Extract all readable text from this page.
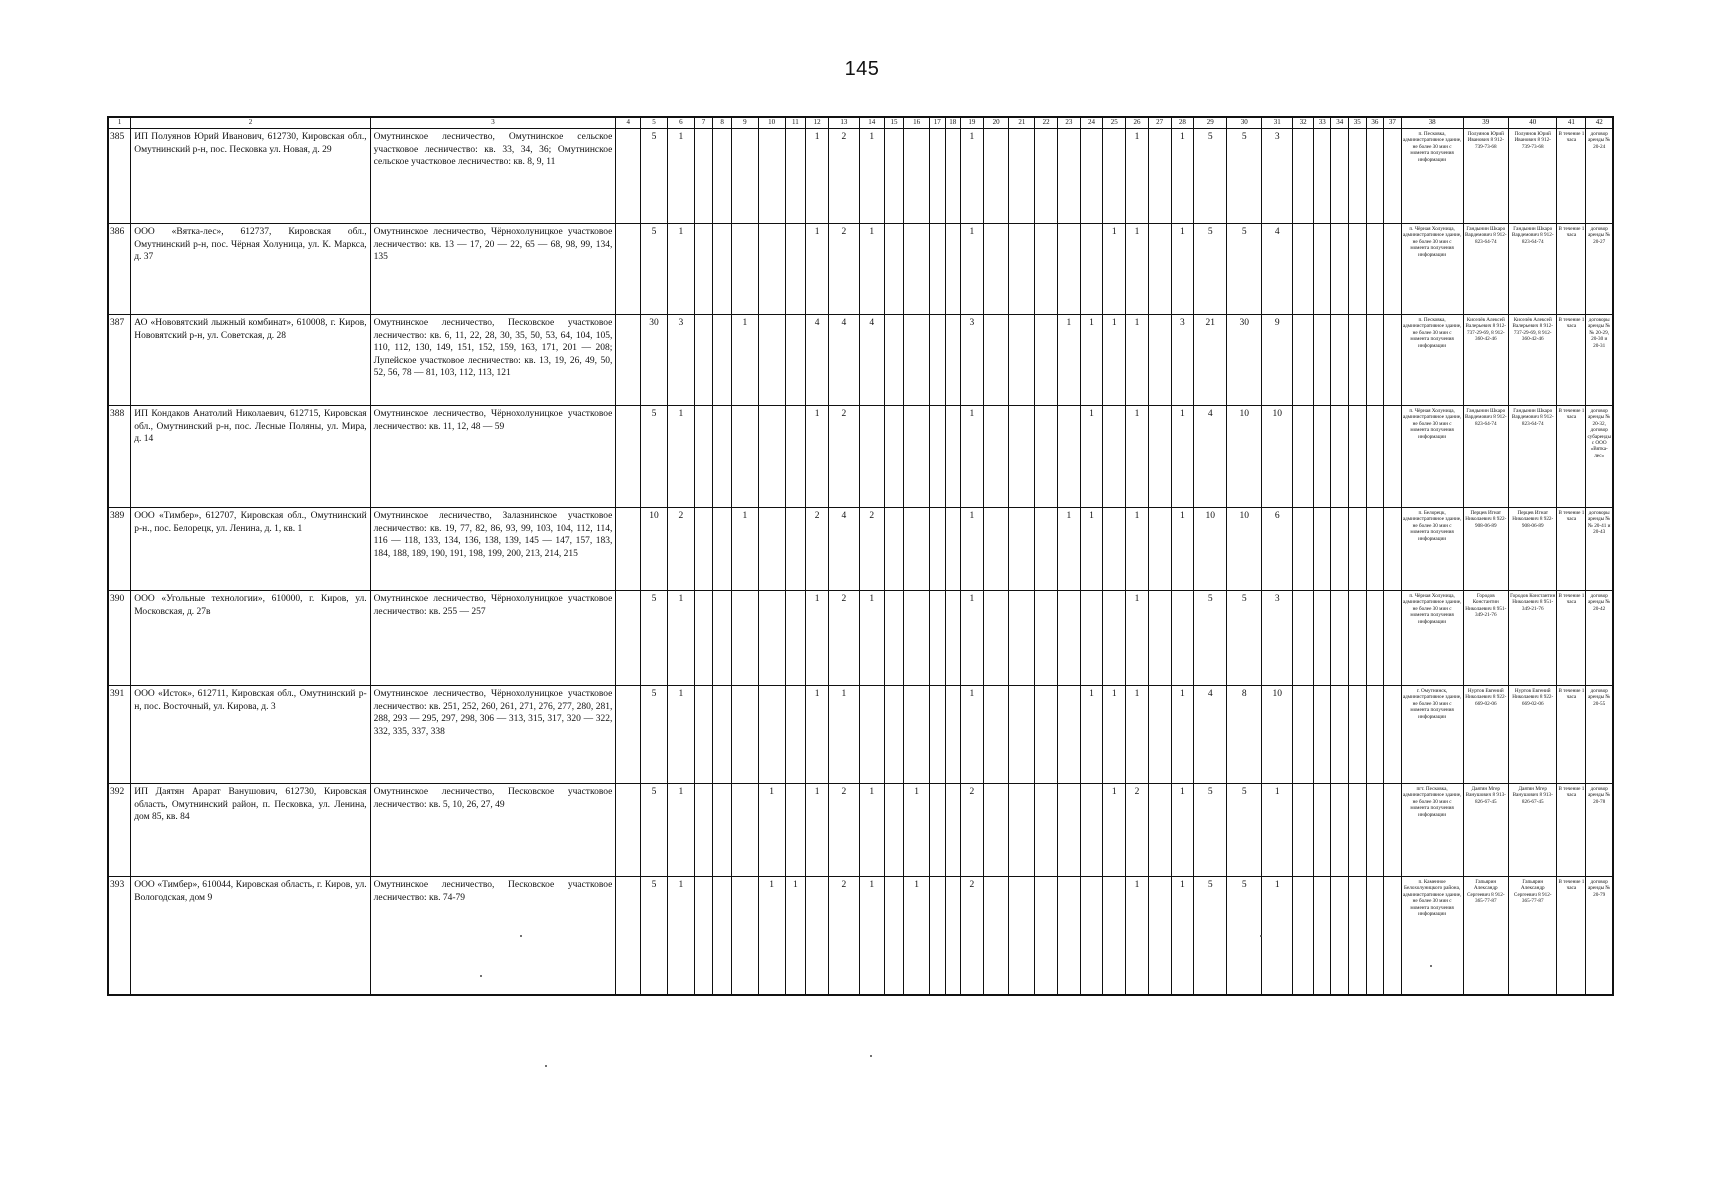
145
1	2	3	4	5	6	7	8	9	10	11	12	13	14	15	16	17	18	19	20	21	22	23	24	25	26	27	28	29	30	31	32	33	34	35	36	37	38	39	40	41	42
385	ИП Полуянов Юрий Иванович, 612730, Кировская обл., Омутнинский р-н, пос. Песковка ул. Новая, д. 29	Омутнинское лесничество, Омутнинское сельское участковое лесничество: кв. 33, 34, 36; Омутнинское сельское участковое лесничество: кв. 8, 9, 11		5	1						1	2	1					1							1		1	5	5	3							п. Песковка, административное здание, не более 30 мин с момента получения информации	Полуянов Юрий Иванович 8 912-739-73-68	Полуянов Юрий Иванович 8 912-739-73-68	В течение 1 часа	договор аренды № 20-24
386	ООО «Вятка-лес», 612737, Кировская обл., Омутнинский р-н, пос. Чёрная Холуница, ул. К. Маркса, д. 37	Омутнинское лесничество, Чёрнохолуницкое участковое лесничество: кв. 13 — 17, 20 — 22, 65 — 68, 98, 99, 134, 135		5	1						1	2	1					1						1	1		1	5	5	4							п. Чёрная Холуница, административное здание, не более 30 мин с момента получения информации	Гандынин Шкаро Вардемович 8 912-823-64-74	Гандынин Шкаро Вардемович 8 912-823-64-74	В течение 1 часа	договор аренды № 20-27
387	АО «Нововятский лыжный комбинат», 610008, г. Киров, Нововятский р-н, ул. Советская, д. 28	Омутнинское лесничество, Песковское участковое лесничество: кв. 6, 11, 22, 28, 30, 35, 50, 53, 64, 104, 105, 110, 112, 130, 149, 151, 152, 159, 163, 171, 201 — 208; Лупейское участковое лесничество: кв. 13, 19, 26, 49, 50, 52, 56, 78 — 81, 103, 112, 113, 121		30	3			1			4	4	4					3				1	1	1	1		3	21	30	9							п. Песковка, административное здание, не более 30 мин с момента получения информации	Киселёв Алексей Валерьевич 8 912-737-29-69, 8 912-360-42-46	Киселёв Алексей Валерьевич 8 912-737-29-69, 8 912-360-42-46	В течение 1 часа	договоры аренды №№ 20-29, 20-30 и 20-31
388	ИП Кондаков Анатолий Николаевич, 612715, Кировская обл., Омутнинский р-н, пос. Лесные Поляны, ул. Мира, д. 14	Омутнинское лесничество, Чёрнохолуницкое участковое лесничество: кв. 11, 12, 48 — 59		5	1						1	2						1					1		1		1	4	10	10							п. Чёрная Холуница, административное здание, не более 30 мин с момента получения информации	Гандынин Шкаро Вардемович 8 912-823-64-74	Гандынин Шкаро Вардемович 8 912-823-64-74	В течение 1 часа	договор аренды № 20-32, договор субаренды с ООО «Вятка-лес»
389	ООО «Тимбер», 612707, Кировская обл., Омутнинский р-н., пос. Белорецк, ул. Ленина, д. 1, кв. 1	Омутнинское лесничество, Залазнинское участковое лесничество: кв. 19, 77, 82, 86, 93, 99, 103, 104, 112, 114, 116 — 118, 133, 134, 136, 138, 139, 145 — 147, 157, 183, 184, 188, 189, 190, 191, 198, 199, 200, 213, 214, 215		10	2			1			2	4	2					1				1	1		1		1	10	10	6							п. Белорецк, административное здание, не более 30 мин с момента получения информации	Перцев Игнат Николаевич 8 922-908-06-89	Перцев Игнат Николаевич 8 922-908-06-89	В течение 1 часа	договоры аренды №№ 20-41 и 20-43
390	ООО «Угольные технологии», 610000, г. Киров, ул. Московская, д. 27в	Омутнинское лесничество, Чёрнохолуницкое участковое лесничество: кв. 255 — 257		5	1						1	2	1					1							1			5	5	3							п. Чёрная Холуница, административное здание, не более 30 мин с момента получения информации	Городов Константин Николаевич 8 951-349-21-76	Городов Константин Николаевич 8 951-349-21-76	В течение 1 часа	договор аренды № 20-42
391	ООО «Исток», 612711, Кировская обл., Омутнинский р-н, пос. Восточный, ул. Кирова, д. 3	Омутнинское лесничество, Чёрнохолуницкое участковое лесничество: кв. 251, 252, 260, 261, 271, 276, 277, 280, 281, 288, 293 — 295, 297, 298, 306 — 313, 315, 317, 320 — 322, 332, 335, 337, 338		5	1						1	1						1					1	1	1		1	4	8	10							г. Омутнинск, административное здание, не более 30 мин с момента получения информации	Нуртов Евгений Николаевич 8 922-669-02-06	Нуртов Евгений Николаевич 8 922-669-02-06	В течение 1 часа	договор аренды № 20-55
392	ИП Даятян Арарат Ванушович, 612730, Кировская область, Омутнинский район, п. Песковка, ул. Ленина, дом 85, кв. 84	Омутнинское лесничество, Песковское участковое лесничество: кв. 5, 10, 26, 27, 49		5	1				1		1	2	1		1			2						1	2		1	5	5	1							пгт. Песковка, административное здание, не более 30 мин с момента получения информации	Даятян Мгер Ванушович 8 913-826-67-45	Даятян Мгер Ванушович 8 913-826-67-45	В течение 1 часа	договор аренды № 20-78
393	ООО «Тимбер», 610044, Кировская область, г. Киров, ул. Вологодская, дом 9	Омутнинское лесничество, Песковское участковое лесничество: кв. 74-79		5	1				1	1		2	1		1			2							1		1	5	5	1							п. Каменное Белохолуницкого района, административное здание, не более 30 мин с момента получения информации	Гапьярин Александр Сергеевич 8 912-365-77-87	Гапьярин Александр Сергеевич 8 912-365-77-87	В течение 1 часа	договор аренды № 20-79
